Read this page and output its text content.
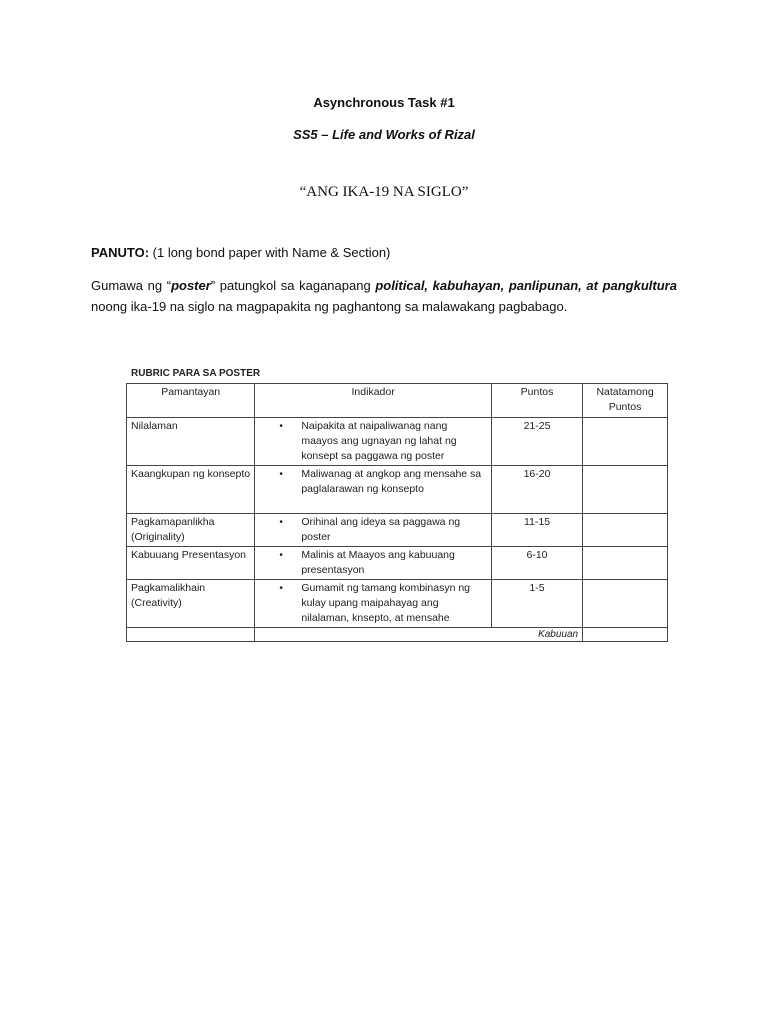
Asynchronous Task #1
SS5 – Life and Works of Rizal
“ANG IKA-19 NA SIGLO”
PANUTO: (1 long bond paper with Name & Section)
Gumawa ng “poster” patungkol sa kaganapang political, kabuhayan, panlipunan, at pangkultura noong ika-19 na siglo na magpapakita ng paghantong sa malawakang pagbabago.
RUBRIC PARA SA POSTER
Pamantayan	Indikador	Puntos	Natatamong Puntos
Nilalaman	• Naipakita at naipaliwanag nang maayos ang ugnayan ng lahat ng konsept sa paggawa ng poster	21-25	
Kaangkupan ng konsepto	• Maliwanag at angkop ang mensahe sa paglalarawan ng konsepto	16-20	
Pagkamapanlikha (Originality)	• Orihinal ang ideya sa paggawa ng poster	11-15	
Kabuuang Presentasyon	• Malinis at Maayos ang kabuuang presentasyon	6-10	
Pagkamalikhain (Creativity)	• Gumamit ng tamang kombinasyn ng kulay upang maipahayag ang nilalaman, knsepto, at mensahe	1-5	
	Kabuuan		
